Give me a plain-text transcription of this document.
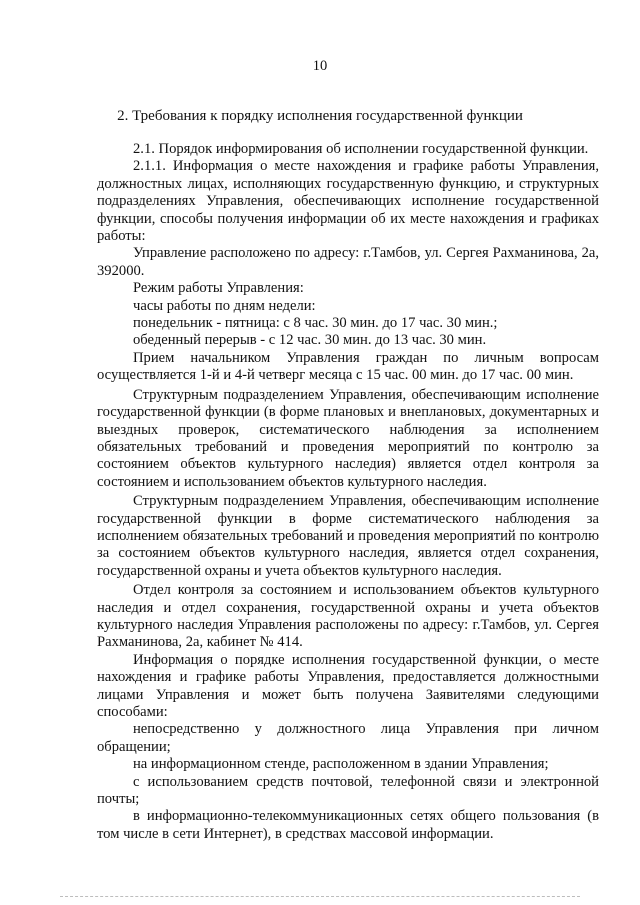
10
2. Требования к порядку исполнения государственной функции

2.1. Порядок информирования об исполнении государственной функции.

2.1.1. Информация о месте нахождения и графике работы Управления, должностных лицах, исполняющих государственную функцию, и структурных подразделениях Управления, обеспечивающих исполнение государственной функции, способы получения информации об их месте нахождения и графиках работы:

Управление расположено по адресу: г.Тамбов, ул. Сергея Рахманинова, 2а, 392000.

Режим работы Управления:

часы работы по дням недели:

понедельник - пятница: с 8 час. 30 мин. до 17 час. 30 мин.;

обеденный перерыв - с 12 час. 30 мин. до 13 час. 30 мин.

Прием начальником Управления граждан по личным вопросам осуществляется 1-й и 4-й четверг месяца с 15 час. 00 мин. до 17 час. 00 мин.

Структурным подразделением Управления, обеспечивающим исполнение государственной функции (в форме плановых и внеплановых, документарных и выездных проверок, систематического наблюдения за исполнением обязательных требований и проведения мероприятий по контролю за состоянием объектов культурного наследия) является отдел контроля за состоянием и использованием объектов культурного наследия.

Структурным подразделением Управления, обеспечивающим исполнение государственной функции в форме систематического наблюдения за исполнением обязательных требований и проведения мероприятий по контролю за состоянием объектов культурного наследия, является отдел сохранения, государственной охраны и учета объектов культурного наследия.

Отдел контроля за состоянием и использованием объектов культурного наследия и отдел сохранения, государственной охраны и учета объектов культурного наследия Управления расположены по адресу: г.Тамбов, ул. Сергея Рахманинова, 2а, кабинет № 414.

Информация о порядке исполнения государственной функции, о месте нахождения и графике работы Управления, предоставляется должностными лицами Управления и может быть получена Заявителями следующими способами:

непосредственно у должностного лица Управления при личном обращении;

на информационном стенде, расположенном в здании Управления;

с использованием средств почтовой, телефонной связи и электронной почты;

в информационно-телекоммуникационных сетях общего пользования (в том числе в сети Интернет), в средствах массовой информации.
